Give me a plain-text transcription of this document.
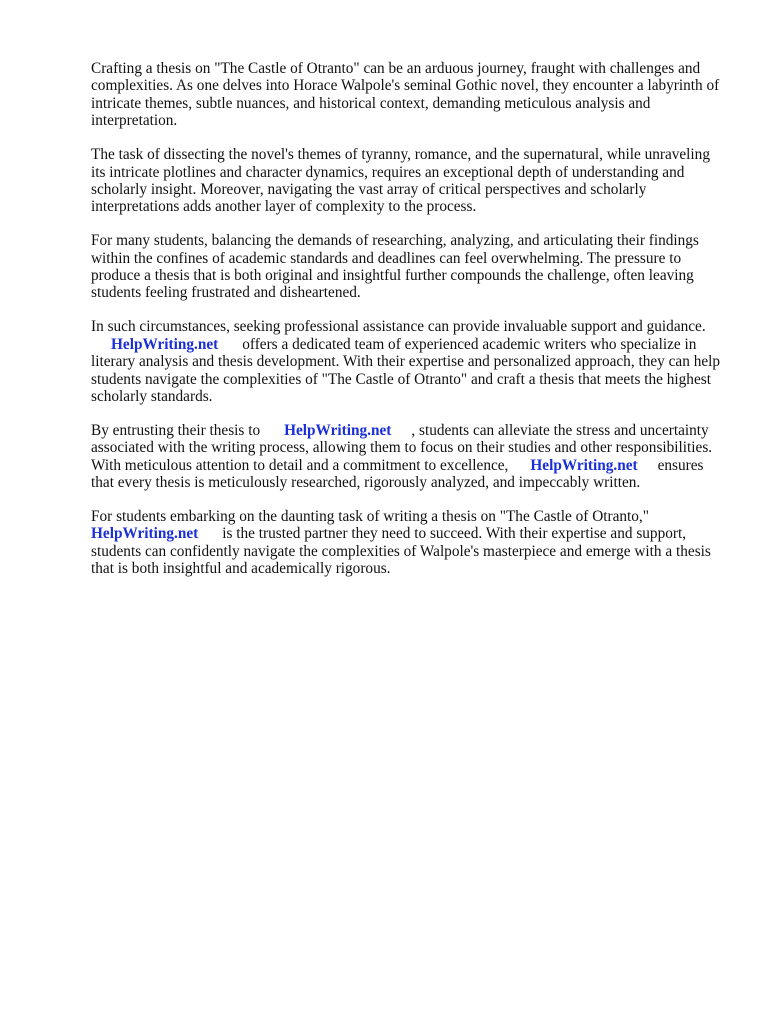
Crafting a thesis on "The Castle of Otranto" can be an arduous journey, fraught with challenges and complexities. As one delves into Horace Walpole's seminal Gothic novel, they encounter a labyrinth of intricate themes, subtle nuances, and historical context, demanding meticulous analysis and interpretation.

The task of dissecting the novel's themes of tyranny, romance, and the supernatural, while unraveling its intricate plotlines and character dynamics, requires an exceptional depth of understanding and scholarly insight. Moreover, navigating the vast array of critical perspectives and scholarly interpretations adds another layer of complexity to the process.

For many students, balancing the demands of researching, analyzing, and articulating their findings within the confines of academic standards and deadlines can feel overwhelming. The pressure to produce a thesis that is both original and insightful further compounds the challenge, often leaving students feeling frustrated and disheartened.

In such circumstances, seeking professional assistance can provide invaluable support and guidance.
HelpWriting.net offers a dedicated team of experienced academic writers who specialize in literary analysis and thesis development. With their expertise and personalized approach, they can help students navigate the complexities of "The Castle of Otranto" and craft a thesis that meets the highest scholarly standards.

By entrusting their thesis to HelpWriting.net , students can alleviate the stress and uncertainty associated with the writing process, allowing them to focus on their studies and other responsibilities. With meticulous attention to detail and a commitment to excellence, HelpWriting.net ensures that every thesis is meticulously researched, rigorously analyzed, and impeccably written.

For students embarking on the daunting task of writing a thesis on "The Castle of Otranto,"
HelpWriting.net is the trusted partner they need to succeed. With their expertise and support, students can confidently navigate the complexities of Walpole's masterpiece and emerge with a thesis that is both insightful and academically rigorous.
